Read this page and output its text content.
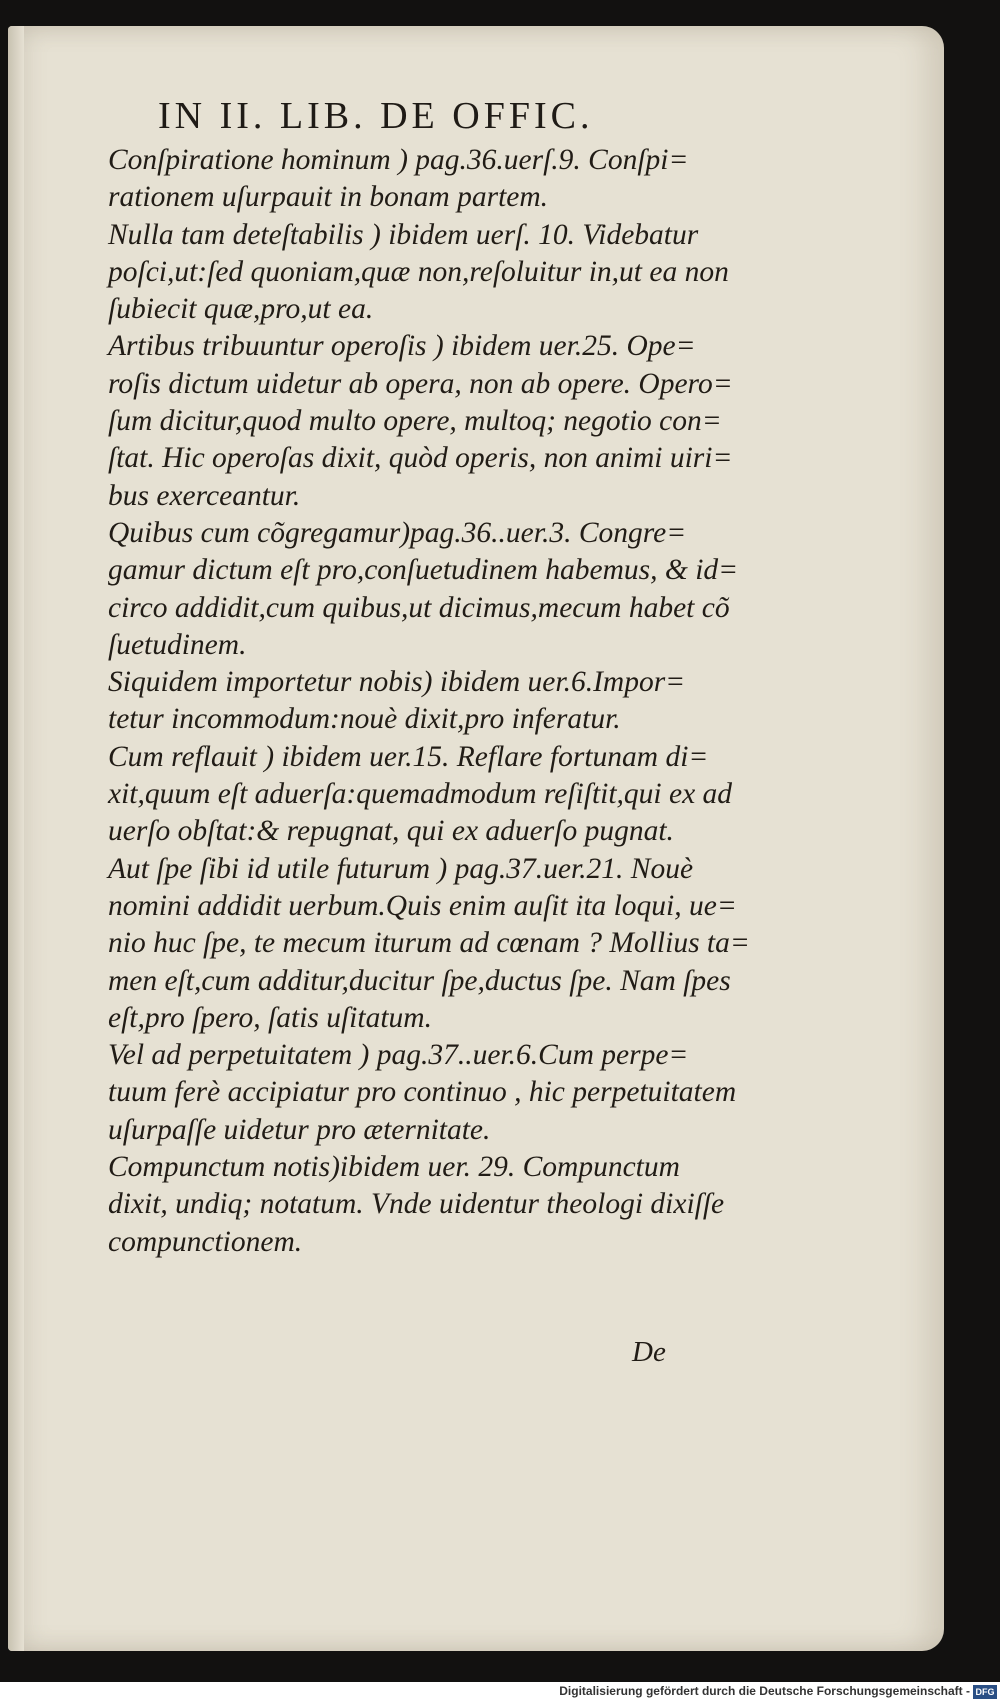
IN II. LIB. DE OFFIC.
Conſpiratione hominum ) pag.36.uerſ.9. Conſpi=
rationem uſurpauit in bonam partem.
Nulla tam deteſtabilis ) ibidem uerſ. 10. Videbatur
poſci,ut:ſed quoniam,quæ non,reſoluitur in,ut ea non
ſubiecit quæ,pro,ut ea.
Artibus tribuuntur operoſis ) ibidem uer.25. Ope=
roſis dictum uidetur ab opera, non ab opere. Opero=
ſum dicitur,quod multo opere, multoq; negotio con=
ſtat. Hic operoſas dixit, quòd operis, non animi uiri=
bus exerceantur.
Quibus cum cõgregamur)pag.36..uer.3. Congre=
gamur dictum eſt pro,conſuetudinem habemus, & id=
circo addidit,cum quibus,ut dicimus,mecum habet cõ
ſuetudinem.
Siquidem importetur nobis) ibidem uer.6.Impor=
tetur incommodum:nouè dixit,pro inferatur.
Cum reflauit ) ibidem uer.15. Reflare fortunam di=
xit,quum eſt aduerſa:quemadmodum reſiſtit,qui ex ad
uerſo obſtat:& repugnat, qui ex aduerſo pugnat.
Aut ſpe ſibi id utile futurum ) pag.37.uer.21. Nouè
nomini addidit uerbum.Quis enim auſit ita loqui, ue=
nio huc ſpe, te mecum iturum ad cœnam ? Mollius ta=
men eſt,cum additur,ducitur ſpe,ductus ſpe. Nam ſpes
eſt,pro ſpero, ſatis uſitatum.
Vel ad perpetuitatem ) pag.37..uer.6.Cum perpe=
tuum ferè accipiatur pro continuo , hic perpetuitatem
uſurpaſſe uidetur pro æternitate.
Compunctum notis)ibidem uer. 29. Compunctum
dixit, undiq; notatum. Vnde uidentur theologi dixiſſe
compunctionem.
De
Digitalisierung gefördert durch die Deutsche Forschungsgemeinschaft - DFG
